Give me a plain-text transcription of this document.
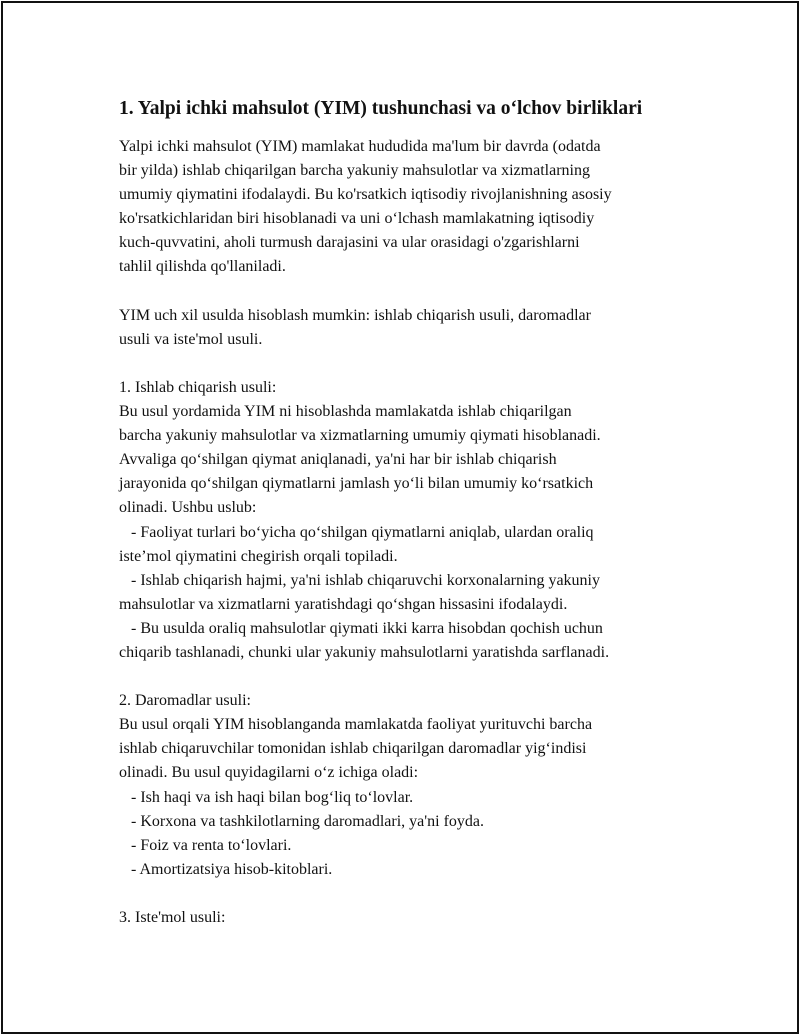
1. Yalpi ichki mahsulot (YIM) tushunchasi va o‘lchov birliklari
Yalpi ichki mahsulot (YIM) mamlakat hududida ma'lum bir davrda (odatda
bir yilda) ishlab chiqarilgan barcha yakuniy mahsulotlar va xizmatlarning
umumiy qiymatini ifodalaydi. Bu ko'rsatkich iqtisodiy rivojlanishning asosiy
ko'rsatkichlaridan biri hisoblanadi va uni o‘lchash mamlakatning iqtisodiy
kuch-quvvatini, aholi turmush darajasini va ular orasidagi o'zgarishlarni
tahlil qilishda qo'llaniladi.
YIM uch xil usulda hisoblash mumkin: ishlab chiqarish usuli, daromadlar
usuli va iste'mol usuli.
1. Ishlab chiqarish usuli:
Bu usul yordamida YIM ni hisoblashda mamlakatda ishlab chiqarilgan
barcha yakuniy mahsulotlar va xizmatlarning umumiy qiymati hisoblanadi.
Avvaliga qo‘shilgan qiymat aniqlanadi, ya'ni har bir ishlab chiqarish
jarayonida qo‘shilgan qiymatlarni jamlash yo‘li bilan umumiy ko‘rsatkich
olinadi. Ushbu uslub:
- Faoliyat turlari bo‘yicha qo‘shilgan qiymatlarni aniqlab, ulardan oraliq
iste’mol qiymatini chegirish orqali topiladi.
- Ishlab chiqarish hajmi, ya'ni ishlab chiqaruvchi korxonalarning yakuniy
mahsulotlar va xizmatlarni yaratishdagi qo‘shgan hissasini ifodalaydi.
- Bu usulda oraliq mahsulotlar qiymati ikki karra hisobdan qochish uchun
chiqarib tashlanadi, chunki ular yakuniy mahsulotlarni yaratishda sarflanadi.
2. Daromadlar usuli:
Bu usul orqali YIM hisoblanganda mamlakatda faoliyat yurituvchi barcha
ishlab chiqaruvchilar tomonidan ishlab chiqarilgan daromadlar yig‘indisi
olinadi. Bu usul quyidagilarni o‘z ichiga oladi:
- Ish haqi va ish haqi bilan bog‘liq to‘lovlar.
- Korxona va tashkilotlarning daromadlari, ya'ni foyda.
- Foiz va renta to‘lovlari.
- Amortizatsiya hisob-kitoblari.
3. Iste'mol usuli:
